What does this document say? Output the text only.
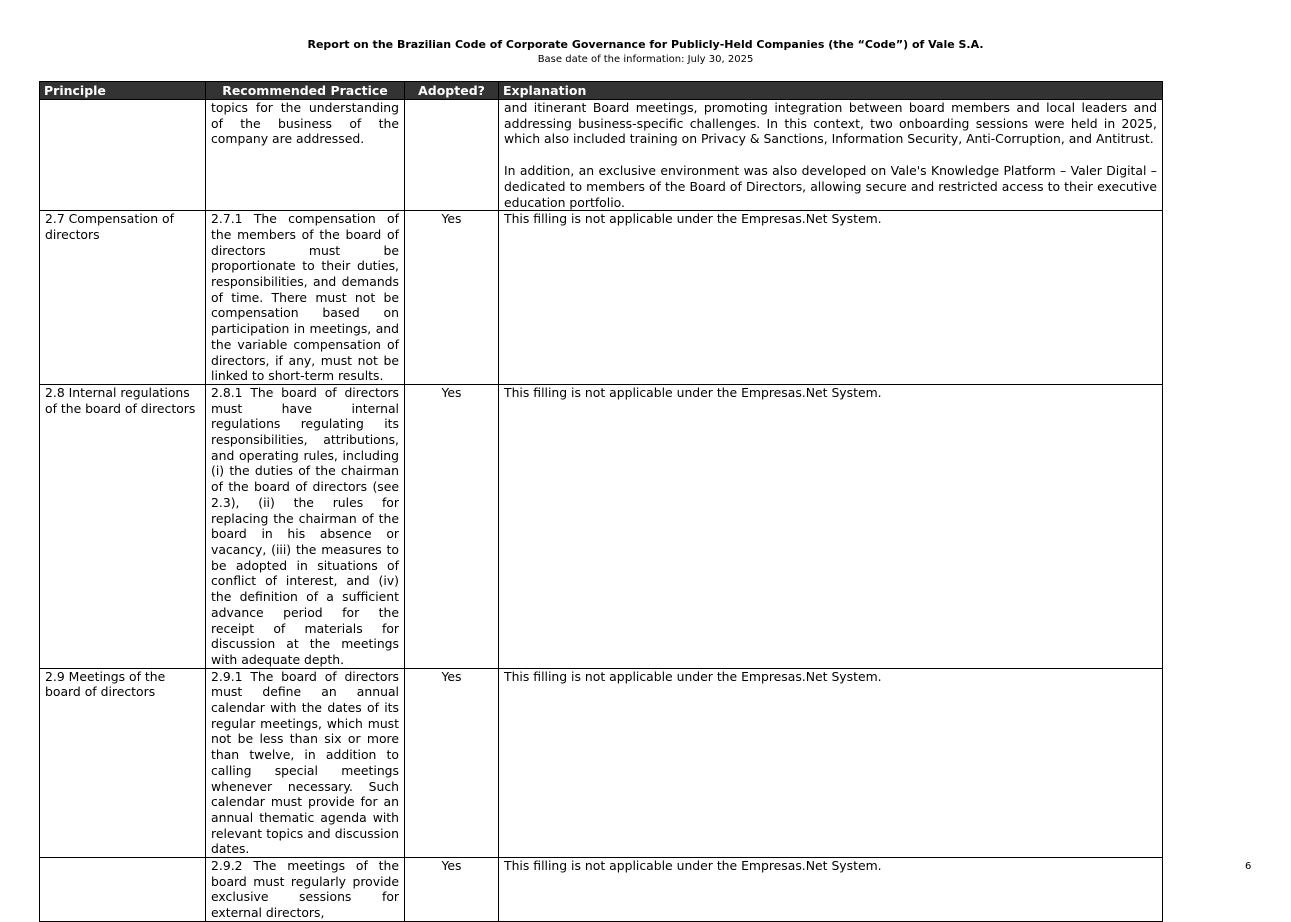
Report on the Brazilian Code of Corporate Governance for Publicly-Held Companies (the “Code”) of Vale S.A.
Base date of the information: July 30, 2025
Principle	Recommended Practice	Adopted?	Explanation
	topics for the understanding of the business of the company are addressed.		and itinerant Board meetings, promoting integration between board members and local leaders and addressing business-specific challenges. In this context, two onboarding sessions were held in 2025, which also included training on Privacy & Sanctions, Information Security, Anti-Corruption, and Antitrust.
In addition, an exclusive environment was also developed on Vale's Knowledge Platform – Valer Digital – dedicated to members of the Board of Directors, allowing secure and restricted access to their executive education portfolio.
2.7 Compensation of directors	2.7.1 The compensation of the members of the board of directors must be proportionate to their duties, responsibilities, and demands of time. There must not be compensation based on participation in meetings, and the variable compensation of directors, if any, must not be linked to short-term results.	Yes	This filling is not applicable under the Empresas.Net System.
2.8 Internal regulations of the board of directors	2.8.1 The board of directors must have internal regulations regulating its responsibilities, attributions, and operating rules, including (i) the duties of the chairman of the board of directors (see 2.3), (ii) the rules for replacing the chairman of the board in his absence or vacancy, (iii) the measures to be adopted in situations of conflict of interest, and (iv) the definition of a sufficient advance period for the receipt of materials for discussion at the meetings with adequate depth.	Yes	This filling is not applicable under the Empresas.Net System.
2.9 Meetings of the board of directors	2.9.1 The board of directors must define an annual calendar with the dates of its regular meetings, which must not be less than six or more than twelve, in addition to calling special meetings whenever necessary. Such calendar must provide for an annual thematic agenda with relevant topics and discussion dates.	Yes	This filling is not applicable under the Empresas.Net System.
	2.9.2 The meetings of the board must regularly provide exclusive sessions for external directors,	Yes	This filling is not applicable under the Empresas.Net System.	6
